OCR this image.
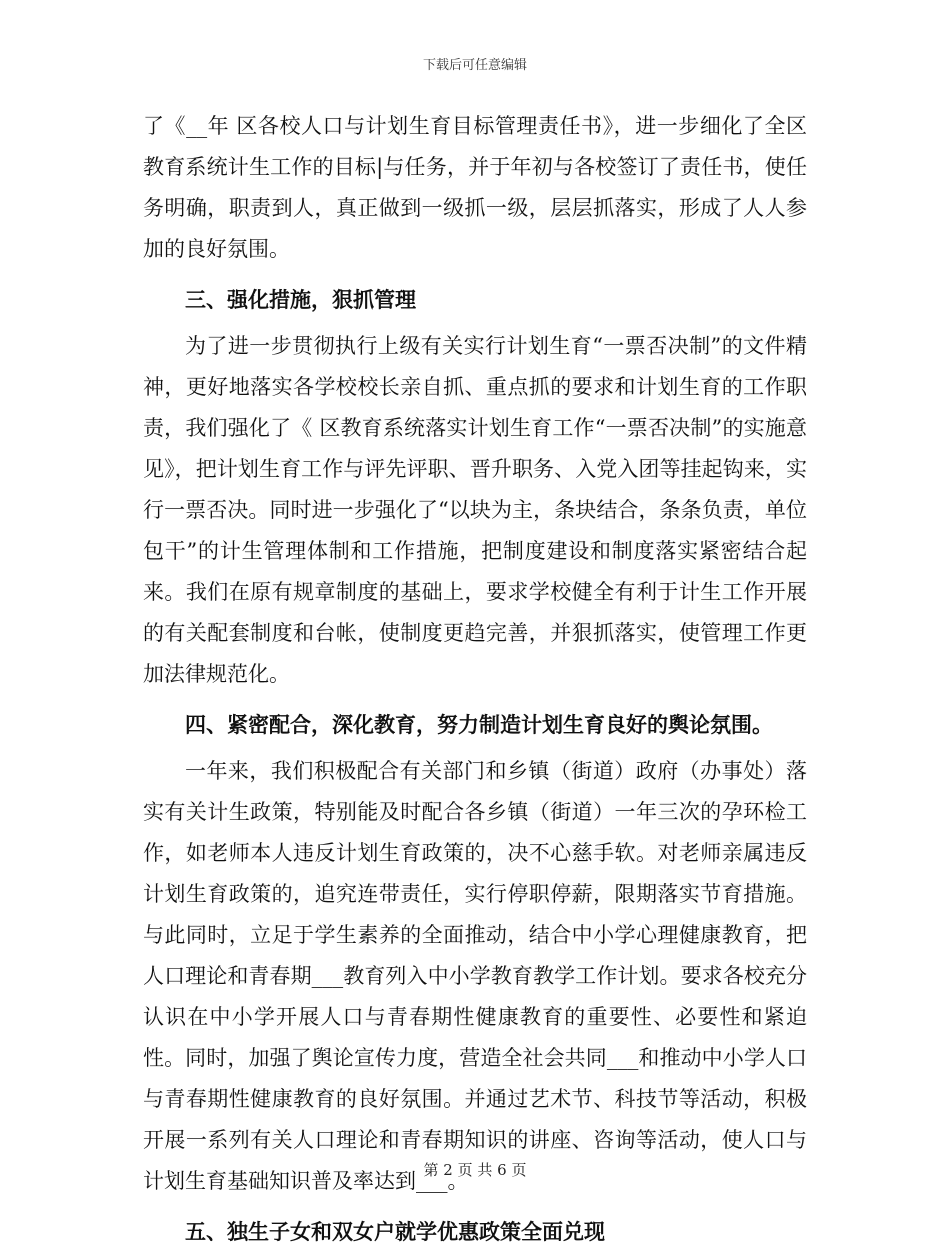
下载后可任意编辑

了《__年 区各校人口与计划生育目标管理责任书》，进一步细化了全区教育系统计生工作的目标|与任务，并于年初与各校签订了责任书，使任务明确，职责到人，真正做到一级抓一级，层层抓落实，形成了人人参加的良好氛围。

三、强化措施，狠抓管理

为了进一步贯彻执行上级有关实行计划生育“一票否决制”的文件精神，更好地落实各学校校长亲自抓、重点抓的要求和计划生育的工作职责，我们强化了《 区教育系统落实计划生育工作“一票否决制”的实施意见》，把计划生育工作与评先评职、晋升职务、入党入团等挂起钩来，实行一票否决。同时进一步强化了“以块为主，条块结合，条条负责，单位包干”的计生管理体制和工作措施，把制度建设和制度落实紧密结合起来。我们在原有规章制度的基础上，要求学校健全有利于计生工作开展的有关配套制度和台帐，使制度更趋完善，并狠抓落实，使管理工作更加法律规范化。

四、紧密配合，深化教育，努力制造计划生育良好的舆论氛围。

一年来，我们积极配合有关部门和乡镇（街道）政府（办事处）落实有关计生政策，特别能及时配合各乡镇（街道）一年三次的孕环检工作，如老师本人违反计划生育政策的，决不心慈手软。对老师亲属违反计划生育政策的，追究连带责任，实行停职停薪，限期落实节育措施。与此同时，立足于学生素养的全面推动，结合中小学心理健康教育，把人口理论和青春期___教育列入中小学教育教学工作计划。要求各校充分认识在中小学开展人口与青春期性健康教育的重要性、必要性和紧迫性。同时，加强了舆论宣传力度，营造全社会共同___和推动中小学人口与青春期性健康教育的良好氛围。并通过艺术节、科技节等活动，积极开展一系列有关人口理论和青春期知识的讲座、咨询等活动，使人口与计划生育基础知识普及率达到___。

五、独生子女和双女户就学优惠政策全面兑现
第 2 页 共 6 页
